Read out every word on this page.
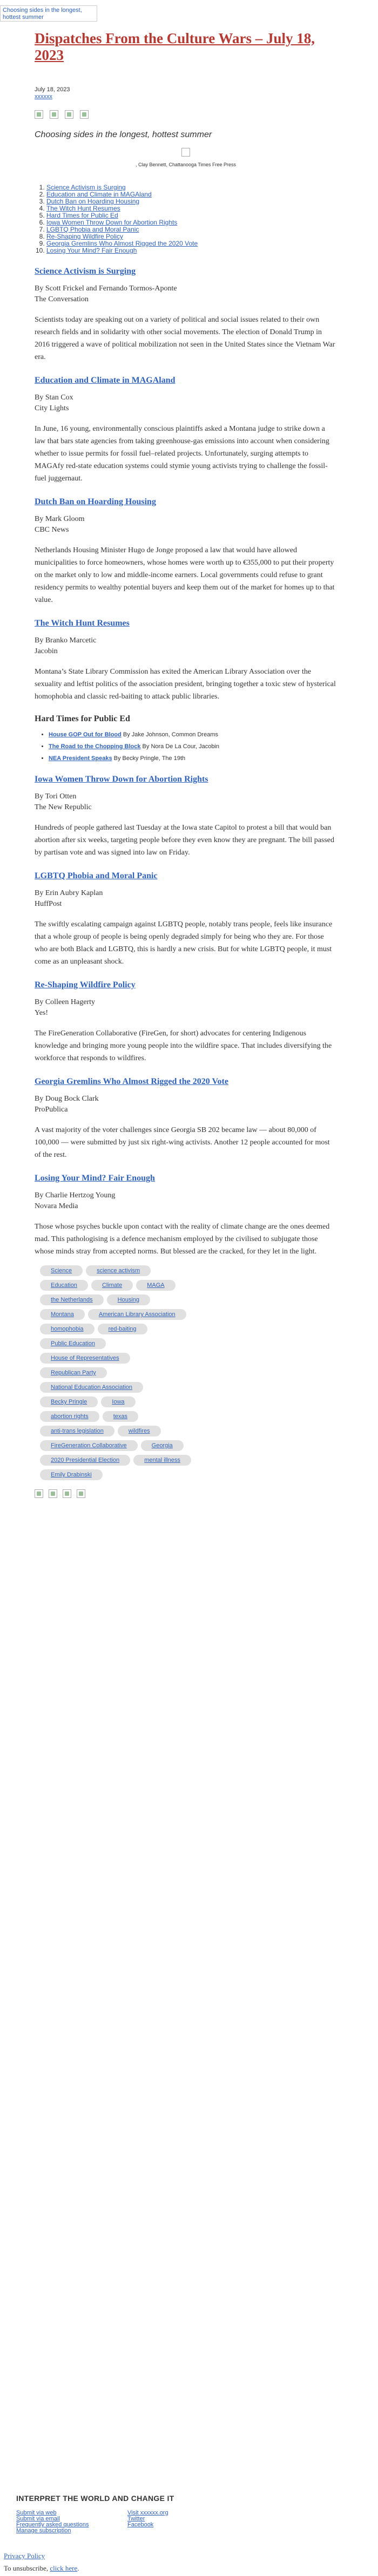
Choosing sides in the longest, hottest summer
Dispatches From the Culture Wars – July 18, 2023
July 18, 2023
xxxxxx
Choosing sides in the longest, hottest summer
, Clay Bennett, Chattanooga Times Free Press
1. Science Activism is Surging
2. Education and Climate in MAGAland
3. Dutch Ban on Hoarding Housing
4. The Witch Hunt Resumes
5. Hard Times for Public Ed
6. Iowa Women Throw Down for Abortion Rights
7. LGBTQ Phobia and Moral Panic
8. Re-Shaping Wildfire Policy
9. Georgia Gremlins Who Almost Rigged the 2020 Vote
10. Losing Your Mind? Fair Enough
Science Activism is Surging
By Scott Frickel and Fernando Tormos-Aponte
The Conversation
Scientists today are speaking out on a variety of political and social issues related to their own research fields and in solidarity with other social movements. The election of Donald Trump in 2016 triggered a wave of political mobilization not seen in the United States since the Vietnam War era.
Education and Climate in MAGAland
By Stan Cox
City Lights
In June, 16 young, environmentally conscious plaintiffs asked a Montana judge to strike down a law that bars state agencies from taking greenhouse-gas emissions into account when considering whether to issue permits for fossil fuel–related projects. Unfortunately, surging attempts to MAGAfy red-state education systems could stymie young activists trying to challenge the fossil-fuel juggernaut.
Dutch Ban on Hoarding Housing
By Mark Gloom
CBC News
Netherlands Housing Minister Hugo de Jonge proposed a law that would have allowed municipalities to force homeowners, whose homes were worth up to €355,000 to put their property on the market only to low and middle-income earners. Local governments could refuse to grant residency permits to wealthy potential buyers and keep them out of the market for homes up to that value.
The Witch Hunt Resumes
By Branko Marcetic
Jacobin
Montana’s State Library Commission has exited the American Library Association over the sexuality and leftist politics of the association president, bringing together a toxic stew of hysterical homophobia and classic red-baiting to attack public libraries.
Hard Times for Public Ed
• House GOP Out for Blood By Jake Johnson, Common Dreams
• The Road to the Chopping Block By Nora De La Cour, Jacobin
• NEA President Speaks By Becky Pringle, The 19th
Iowa Women Throw Down for Abortion Rights
By Tori Otten
The New Republic
Hundreds of people gathered last Tuesday at the Iowa state Capitol to protest a bill that would ban abortion after six weeks, targeting people before they even know they are pregnant. The bill passed by partisan vote and was signed into law on Friday.
LGBTQ Phobia and Moral Panic
By Erin Aubry Kaplan
HuffPost
The swiftly escalating campaign against LGBTQ people, notably trans people, feels like insurance that a whole group of people is being openly degraded simply for being who they are. For those who are both Black and LGBTQ, this is hardly a new crisis. But for white LGBTQ people, it must come as an unpleasant shock.
Re-Shaping Wildfire Policy
By Colleen Hagerty
Yes!
The FireGeneration Collaborative (FireGen, for short) advocates for centering Indigenous knowledge and bringing more young people into the wildfire space. That includes diversifying the workforce that responds to wildfires.
Georgia Gremlins Who Almost Rigged the 2020 Vote
By Doug Bock Clark
ProPublica
A vast majority of the voter challenges since Georgia SB 202 became law — about 80,000 of 100,000 — were submitted by just six right-wing activists. Another 12 people accounted for most of the rest.
Losing Your Mind? Fair Enough
By Charlie Hertzog Young
Novara Media
Those whose psyches buckle upon contact with the reality of climate change are the ones deemed mad. This pathologising is a defence mechanism employed by the civilised to subjugate those whose minds stray from accepted norms. But blessed are the cracked, for they let in the light.
Science	science activism
Education	Climate	MAGA
the Netherlands	Housing
Montana	American Library Association
homophobia	red-baiting
Public Education
House of Representatives
Republican Party
National Education Association
Becky Pringle	Iowa
abortion rights	texas
anti-trans legislation	wildfires
FireGeneration Collaborative	Georgia
2020 Presidential Election	mental illness
Emily Drabinski
INTERPRET THE WORLD AND CHANGE IT
Submit via web
Submit via email
Frequently asked questions
Manage subscription
Visit xxxxxx.org
Twitter
Facebook
Privacy Policy
To unsubscribe, click here.
